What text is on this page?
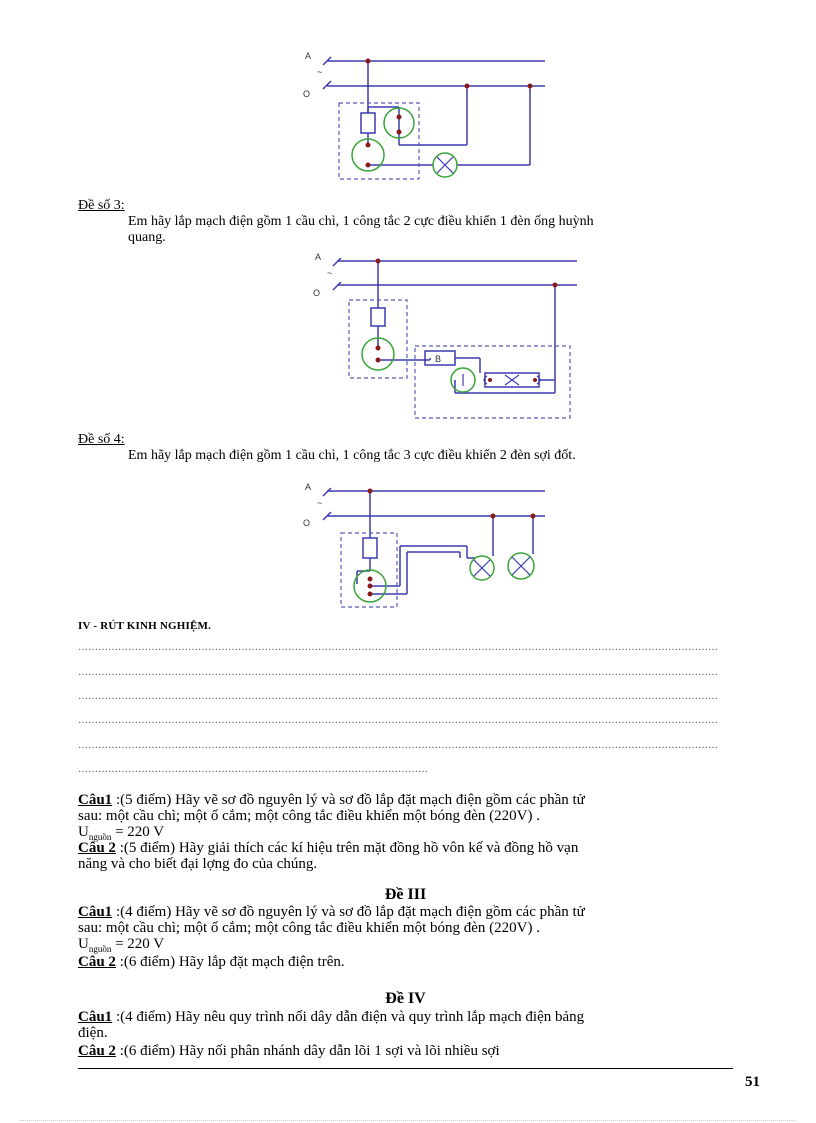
A
~
O
Đề số 3:
Em hãy lắp mạch điện gồm 1 cầu chì, 1 công tắc 2 cực điều khiển 1 đèn ống huỳnh
quang.
A
~
O
B
Đề số 4:
Em hãy lắp mạch điện gồm 1 cầu chì, 1 công tắc 3 cực điều khiển 2 đèn sợi đốt.
A
~
O
IV - RÚT KINH NGHIỆM.
…………………………………………………………………………………………………………………………………………………………………………
…………………………………………………………………………………………………………………………………………………………………………
…………………………………………………………………………………………………………………………………………………………………………
…………………………………………………………………………………………………………………………………………………………………………
…………………………………………………………………………………………………………………………………………………………………………
……………………………………………………………………………………………
Câu1 :(5 điểm) Hãy vẽ sơ đồ nguyên lý và sơ đồ lắp đặt mạch điện gồm các phần tử
sau: một cầu chì; một ổ cắm; một công tắc điều khiển một bóng đèn (220V) .
$U_{nguồn} = 220$ V
Câu 2 :(5 điểm) Hãy giải thích các kí hiệu trên mặt đồng hồ vôn kế và đồng hồ vạn
năng và cho biết đại lợng đo của chúng.
Đề III
Câu1 :(4 điểm) Hãy vẽ sơ đồ nguyên lý và sơ đồ lắp đặt mạch điện gồm các phần tử
sau: một cầu chì; một ổ cắm; một công tắc điều khiển một bóng đèn (220V) .
$U_{nguồn} = 220$ V
Câu 2 :(6 điểm) Hãy lắp đặt mạch điện trên.
Đề IV
Câu1 :(4 điểm) Hãy nêu quy trình nối dây dẫn điện và quy trình lắp mạch điện bảng
điện.
Câu 2 :(6 điểm) Hãy nối phân nhánh dây dẫn lõi 1 sợi và lõi nhiều sợi
51
